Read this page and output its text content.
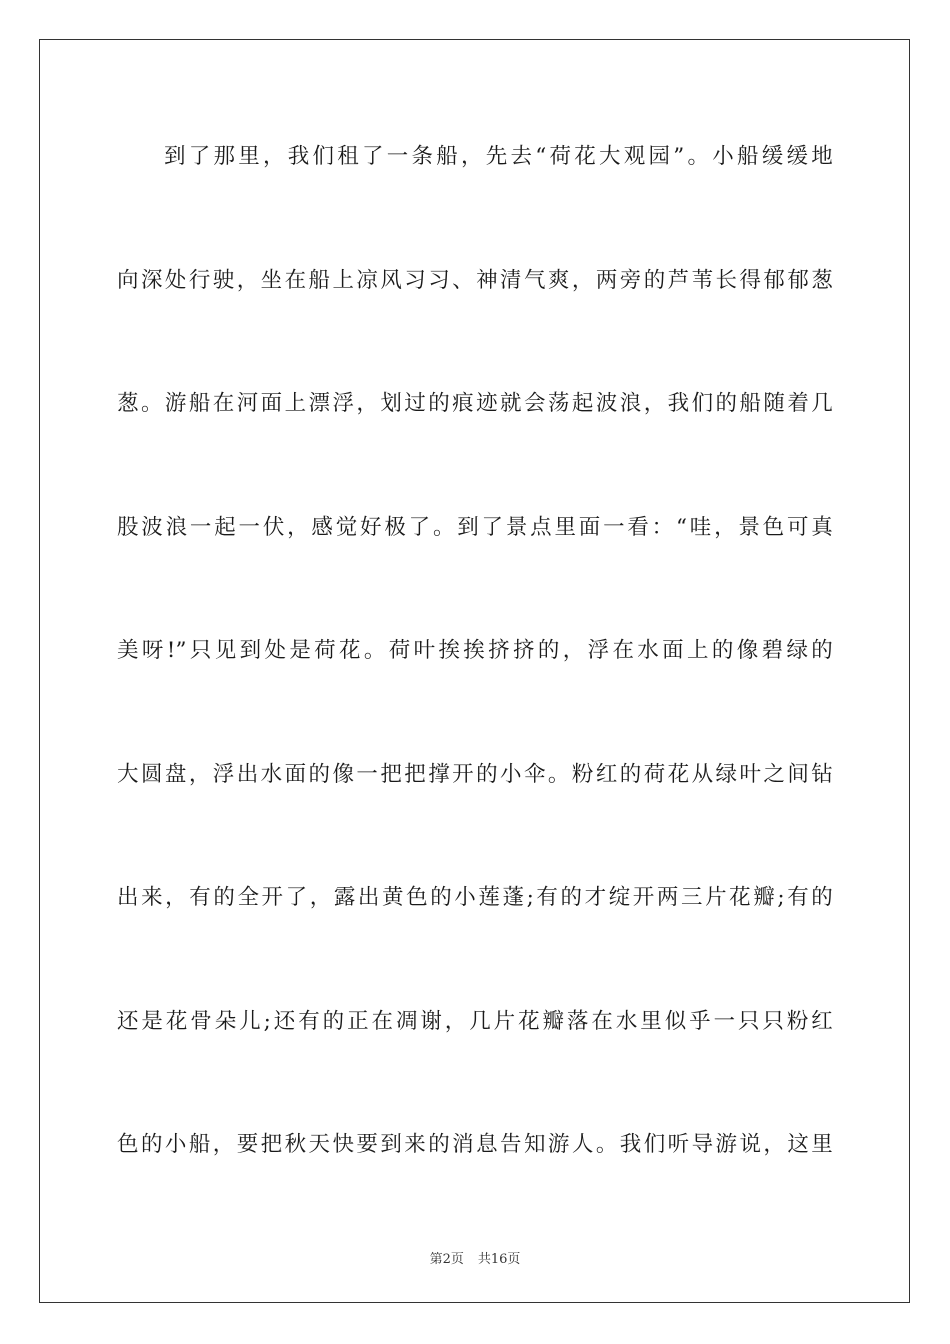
到了那里，我们租了一条船，先去“荷花大观园”。小船缓缓地
向深处行驶，坐在船上凉风习习、神清气爽，两旁的芦苇长得郁郁葱
葱。游船在河面上漂浮，划过的痕迹就会荡起波浪，我们的船随着几
股波浪一起一伏，感觉好极了。到了景点里面一看：“哇，景色可真
美呀!”只见到处是荷花。荷叶挨挨挤挤的，浮在水面上的像碧绿的
大圆盘，浮出水面的像一把把撑开的小伞。粉红的荷花从绿叶之间钻
出来，有的全开了，露出黄色的小莲蓬;有的才绽开两三片花瓣;有的
还是花骨朵儿;还有的正在凋谢，几片花瓣落在水里似乎一只只粉红
色的小船，要把秋天快要到来的消息告知游人。我们听导游说，这里
第2页 共16页
